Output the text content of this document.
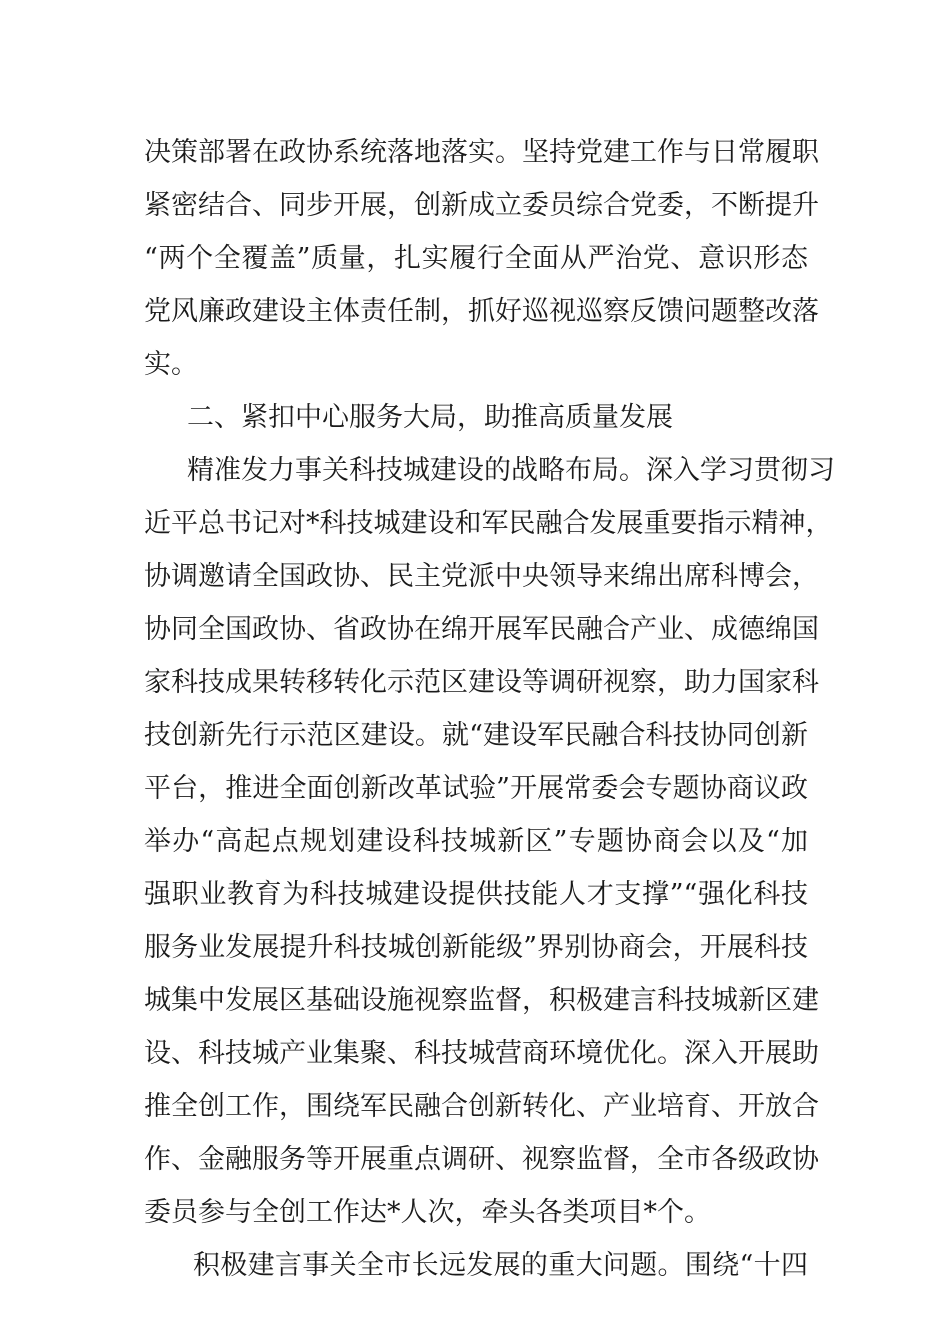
决策部署在政协系统落地落实。坚持党建工作与日常履职
紧密结合、同步开展，创新成立委员综合党委，不断提升
“两个全覆盖”质量，扎实履行全面从严治党、意识形态
党风廉政建设主体责任制，抓好巡视巡察反馈问题整改落
实。
二、紧扣中心服务大局，助推高质量发展
精准发力事关科技城建设的战略布局。深入学习贯彻习
近平总书记对*科技城建设和军民融合发展重要指示精神，
协调邀请全国政协、民主党派中央领导来绵出席科博会，
协同全国政协、省政协在绵开展军民融合产业、成德绵国
家科技成果转移转化示范区建设等调研视察，助力国家科
技创新先行示范区建设。就“建设军民融合科技协同创新
平台，推进全面创新改革试验”开展常委会专题协商议政
举办“高起点规划建设科技城新区”专题协商会以及“加
强职业教育为科技城建设提供技能人才支撑”“强化科技
服务业发展提升科技城创新能级”界别协商会，开展科技
城集中发展区基础设施视察监督，积极建言科技城新区建
设、科技城产业集聚、科技城营商环境优化。深入开展助
推全创工作，围绕军民融合创新转化、产业培育、开放合
作、金融服务等开展重点调研、视察监督，全市各级政协
委员参与全创工作达*人次，牵头各类项目*个。
积极建言事关全市长远发展的重大问题。围绕“十四
